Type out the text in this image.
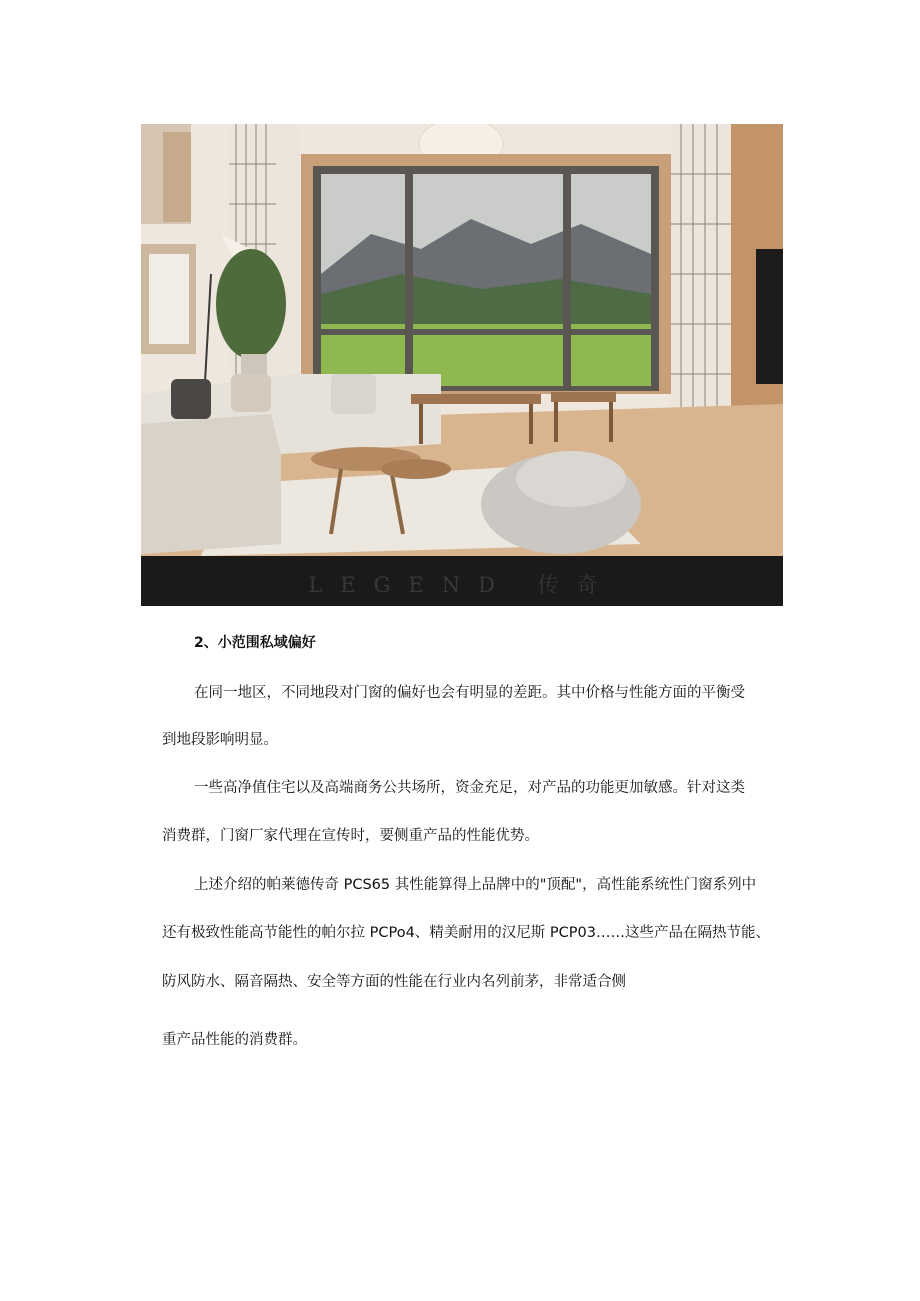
LEGEND 传奇
2、小范围私域偏好
在同一地区，不同地段对门窗的偏好也会有明显的差距。其中价格与性能方面的平衡受
到地段影响明显。
一些高净值住宅以及高端商务公共场所，资金充足，对产品的功能更加敏感。针对这类
消费群，门窗厂家代理在宣传时，要侧重产品的性能优势。
上述介绍的帕莱德传奇 PCS65 其性能算得上品牌中的"顶配"，高性能系统性门窗系列中
还有极致性能高节能性的帕尔拉 PCPo4、精美耐用的汉尼斯 PCP03……这些产品在隔热节能、
防风防水、隔音隔热、安全等方面的性能在行业内名列前茅，非常适合侧
重产品性能的消费群。
